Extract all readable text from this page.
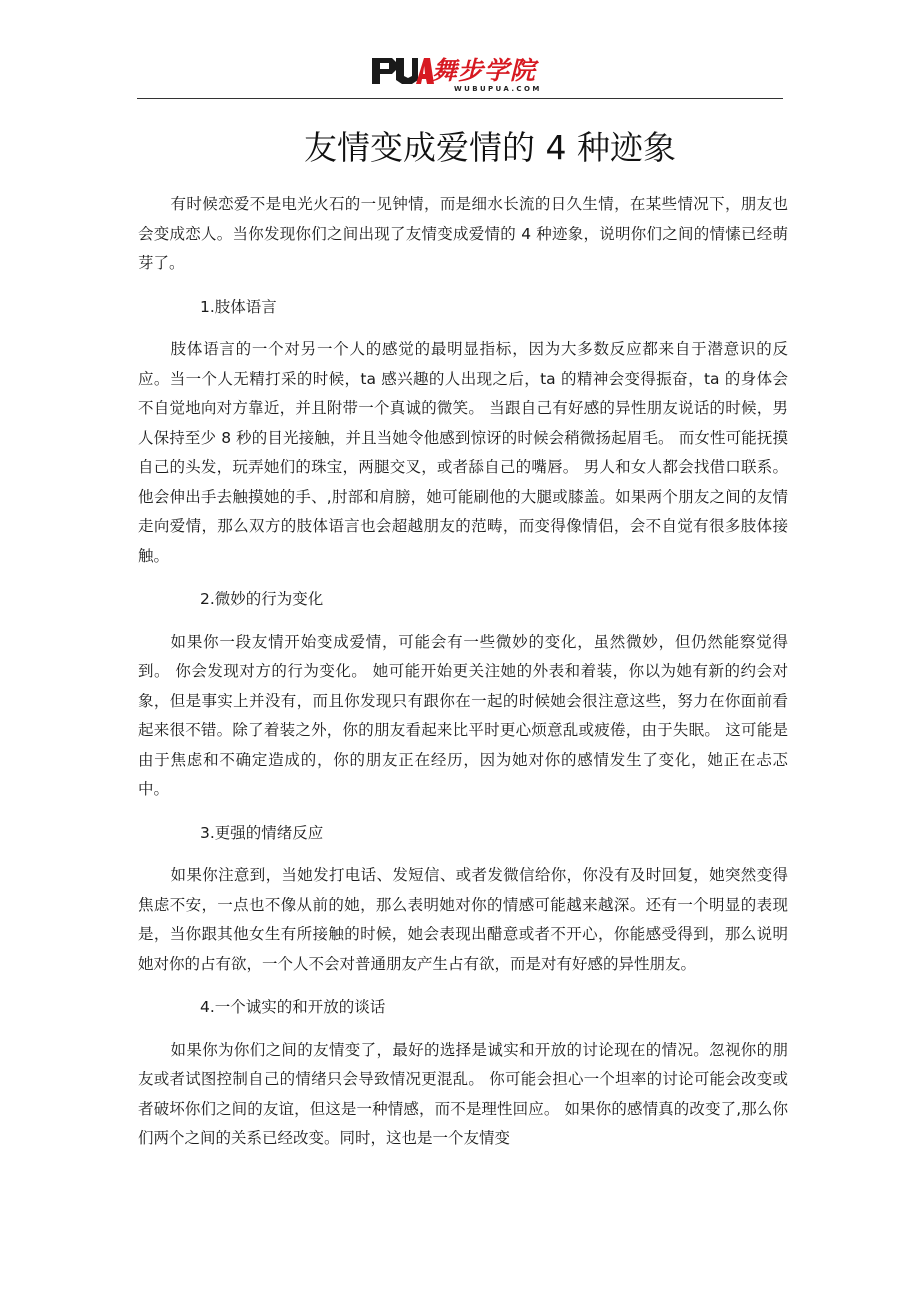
舞步学院
WUBUPUA.COM
友情变成爱情的 4 种迹象

有时候恋爱不是电光火石的一见钟情，而是细水长流的日久生情，在某些情况下，朋友也会变成恋人。当你发现你们之间出现了友情变成爱情的 4 种迹象，说明你们之间的情愫已经萌芽了。

1.肢体语言

肢体语言的一个对另一个人的感觉的最明显指标，因为大多数反应都来自于潜意识的反应。当一个人无精打采的时候，ta 感兴趣的人出现之后，ta 的精神会变得振奋，ta 的身体会不自觉地向对方靠近，并且附带一个真诚的微笑。 当跟自己有好感的异性朋友说话的时候，男人保持至少 8 秒的目光接触，并且当她令他感到惊讶的时候会稍微扬起眉毛。 而女性可能抚摸自己的头发，玩弄她们的珠宝，两腿交叉，或者舔自己的嘴唇。 男人和女人都会找借口联系。 他会伸出手去触摸她的手、,肘部和肩膀，她可能刷他的大腿或膝盖。如果两个朋友之间的友情走向爱情，那么双方的肢体语言也会超越朋友的范畴，而变得像情侣，会不自觉有很多肢体接触。

2.微妙的行为变化

如果你一段友情开始变成爱情，可能会有一些微妙的变化，虽然微妙，但仍然能察觉得到。 你会发现对方的行为变化。 她可能开始更关注她的外表和着装，你以为她有新的约会对象，但是事实上并没有，而且你发现只有跟你在一起的时候她会很注意这些，努力在你面前看起来很不错。除了着装之外，你的朋友看起来比平时更心烦意乱或疲倦，由于失眠。 这可能是由于焦虑和不确定造成的，你的朋友正在经历，因为她对你的感情发生了变化，她正在忐忑中。

3.更强的情绪反应

如果你注意到，当她发打电话、发短信、或者发微信给你，你没有及时回复，她突然变得焦虑不安，一点也不像从前的她，那么表明她对你的情感可能越来越深。还有一个明显的表现是，当你跟其他女生有所接触的时候，她会表现出醋意或者不开心，你能感受得到，那么说明她对你的占有欲，一个人不会对普通朋友产生占有欲，而是对有好感的异性朋友。

4.一个诚实的和开放的谈话

如果你为你们之间的友情变了，最好的选择是诚实和开放的讨论现在的情况。忽视你的朋友或者试图控制自己的情绪只会导致情况更混乱。 你可能会担心一个坦率的讨论可能会改变或者破坏你们之间的友谊，但这是一种情感，而不是理性回应。 如果你的感情真的改变了,那么你们两个之间的关系已经改变。同时，这也是一个友情变
